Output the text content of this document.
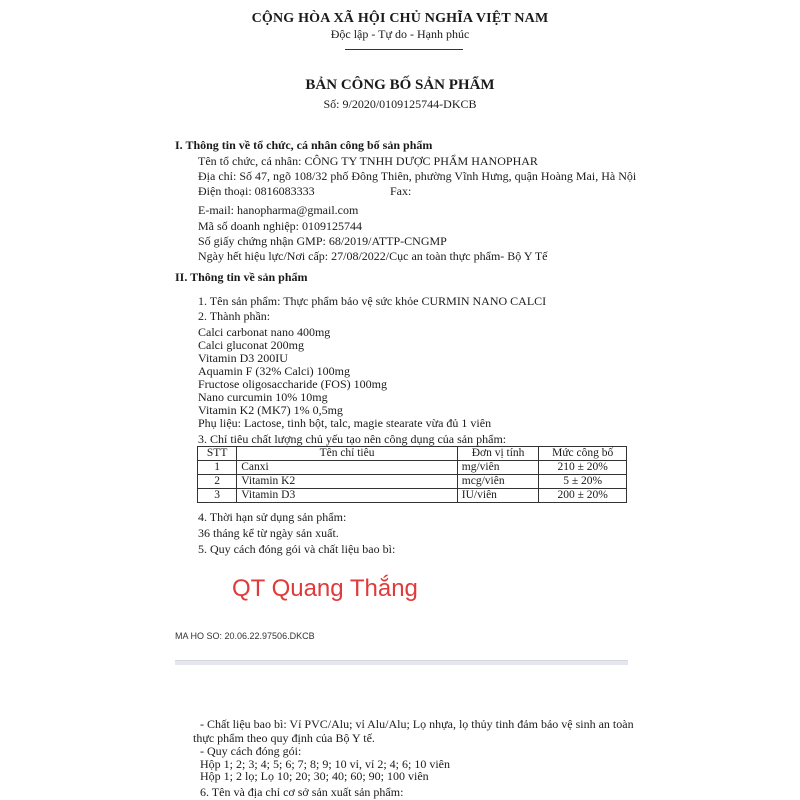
CỘNG HÒA XÃ HỘI CHỦ NGHĨA VIỆT NAM
Độc lập - Tự do - Hạnh phúc
BẢN CÔNG BỐ SẢN PHẨM
Số: 9/2020/0109125744-DKCB
I. Thông tin về tổ chức, cá nhân công bố sản phẩm
Tên tổ chức, cá nhân: CÔNG TY TNHH DƯỢC PHẨM HANOPHAR
Địa chỉ: Số 47, ngõ 108/32 phố Đông Thiên, phường Vĩnh Hưng, quận Hoàng Mai, Hà Nội
Điện thoại: 0816083333	Fax:
E-mail: hanopharma@gmail.com
Mã số doanh nghiệp: 0109125744
Số giấy chứng nhận GMP: 68/2019/ATTP-CNGMP
Ngày hết hiệu lực/Nơi cấp: 27/08/2022/Cục an toàn thực phẩm- Bộ Y Tế
II. Thông tin về sản phẩm
1. Tên sản phẩm: Thực phẩm bảo vệ sức khỏe CURMIN NANO CALCI
2. Thành phần:
Calci carbonat nano 400mg
Calci gluconat 200mg
Vitamin D3 200IU
Aquamin F (32% Calci) 100mg
Fructose oligosaccharide (FOS) 100mg
Nano curcumin 10% 10mg
Vitamin K2 (MK7) 1% 0,5mg
Phụ liệu: Lactose, tinh bột, talc, magie stearate vừa đủ 1 viên
3. Chỉ tiêu chất lượng chủ yếu tạo nên công dụng của sản phẩm:
STT	Tên chỉ tiêu	Đơn vị tính	Mức công bố
1	Canxi	mg/viên	210 ± 20%
2	Vitamin K2	mcg/viên	5 ± 20%
3	Vitamin D3	IU/viên	200 ± 20%
4. Thời hạn sử dụng sản phẩm:
36 tháng kể từ ngày sản xuất.
5. Quy cách đóng gói và chất liệu bao bì:
QT Quang Thắng
MA HO SO: 20.06.22.97506.DKCB
- Chất liệu bao bì: Vỉ PVC/Alu; vỉ Alu/Alu; Lọ nhựa, lọ thủy tinh đảm bảo vệ sinh an toàn
thực phẩm theo quy định của Bộ Y tế.
- Quy cách đóng gói:
Hộp 1; 2; 3; 4; 5; 6; 7; 8; 9; 10 vỉ, vỉ 2; 4; 6; 10 viên
Hộp 1; 2 lọ; Lọ 10; 20; 30; 40; 60; 90; 100 viên
6. Tên và địa chỉ cơ sở sản xuất sản phẩm:
